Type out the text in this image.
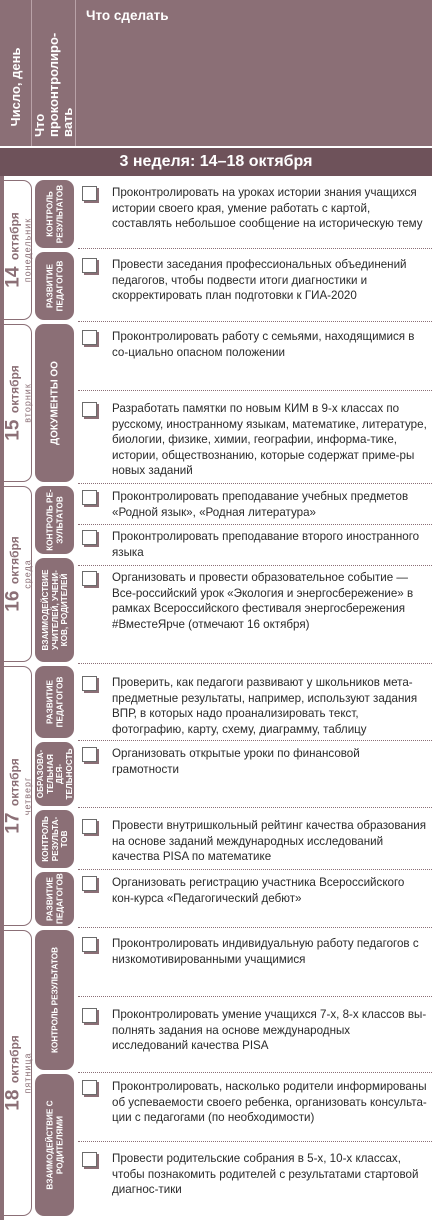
Число, день Что проконтролиро-вать
Что сделать
3 неделя: 14–18 октября
14 октября понедельник
15 октября вторник
16 октября среда
17 октября четверг
18 октября пятница
КОНТРОЛЬ РЕЗУЛЬТАТОВ
РАЗВИТИЕ ПЕДАГОГОВ
ДОКУМЕНТЫ ОО
КОНТРОЛЬ РЕ-ЗУЛЬТАТОВ
ВЗАИМОДЕЙСТВИЕ УЧИТЕЛЕЙ, УЧЕНИ-КОВ, РОДИТЕЛЕЙ
РАЗВИТИЕ ПЕДАГОГОВ
ОБРАЗОВА-ТЕЛЬНАЯ ДЕЯ-ТЕЛЬНОСТЬ
КОНТРОЛЬ РЕЗУЛЬТА-ТОВ
РАЗВИТИЕ ПЕДАГОГОВ
КОНТРОЛЬ РЕЗУЛЬТАТОВ
ВЗАИМОДЕЙСТВИЕ С РОДИТЕЛЯМИ
Проконтролировать на уроках истории знания учащихся истории своего края, умение работать с картой, составлять небольшое сообщение на историческую тему
Провести заседания профессиональных объединений педагогов, чтобы подвести итоги диагностики и скорректировать план подготовки к ГИА-2020
Проконтролировать работу с семьями, находящимися в со-циально опасном положении
Разработать памятки по новым КИМ в 9-х классах по русскому, иностранному языкам, математике, литературе, биологии, физике, химии, географии, информа-тике, истории, обществознанию, которые содержат приме-ры новых заданий
Проконтролировать преподавание учебных предметов «Родной язык», «Родная литература»
Проконтролировать преподавание второго иностранного языка
Организовать и провести образовательное событие — Все-российский урок «Экология и энергосбережение» в рамках Всероссийского фестиваля энергосбережения #ВместеЯрче (отмечают 16 октября)
Проверить, как педагоги развивают у школьников мета-предметные результаты, например, используют задания ВПР, в которых надо проанализировать текст, фотографию, карту, схему, диаграмму, таблицу
Организовать открытые уроки по финансовой грамотности
Провести внутришкольный рейтинг качества образования на основе заданий международных исследований качества PISA по математике
Организовать регистрацию участника Всероссийского кон-курса «Педагогический дебют»
Проконтролировать индивидуальную работу педагогов с низкомотивированными учащимися
Проконтролировать умение учащихся 7-х, 8-х классов вы-полнять задания на основе международных исследований качества PISA
Проконтролировать, насколько родители информированы об успеваемости своего ребенка, организовать консульта-ции с педагогами (по необходимости)
Провести родительские собрания в 5-х, 10-х классах, чтобы познакомить родителей с результатами стартовой диагнос-тики
